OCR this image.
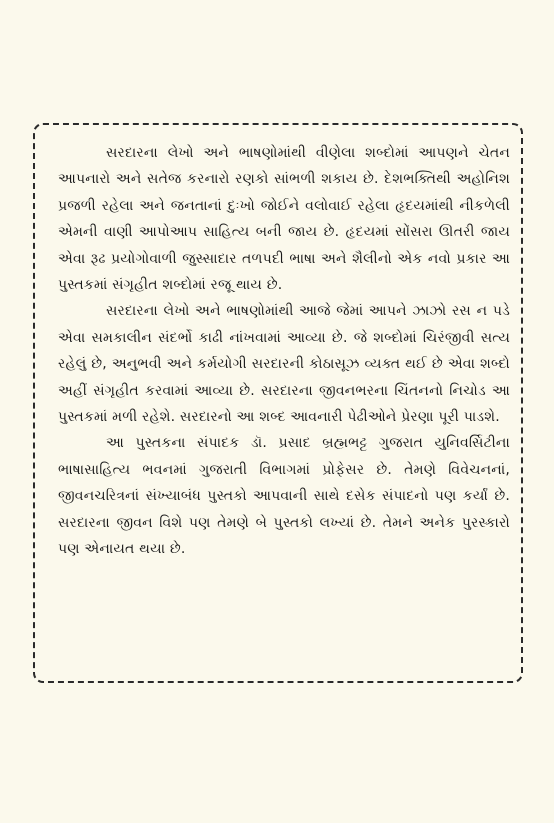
સરદારના લેખો અને ભાષણોમાંથી વીણેલા શબ્દોમાં આપણને ચેતન આપનારો અને સતેજ કરનારો રણકો સાંભળી શકાય છે. દેશભક્તિથી અહોનિશ પ્રજળી રહેલા અને જનતાનાં દુઃખો જોઈને વલોવાઈ રહેલા હૃદયમાંથી નીકળેલી એમની વાણી આપોઆપ સાહિત્ય બની જાય છે. હૃદયમાં સોંસરા ઊતરી જાય એવા રૂઢ પ્રયોગોવાળી જુસ્સાદાર તળપદી ભાષા અને શૈલીનો એક નવો પ્રકાર આ પુસ્તકમાં સંગૃહીત શબ્દોમાં રજૂ થાય છે.

સરદારના લેખો અને ભાષણોમાંથી આજે જેમાં આપને ઝાઝો રસ ન પડે એવા સમકાલીન સંદર્ભો કાઢી નાંખવામાં આવ્યા છે. જે શબ્દોમાં ચિરંજીવી સત્ય રહેલું છે, અનુભવી અને કર્મયોગી સરદારની કોઠાસૂઝ વ્યક્ત થઈ છે એવા શબ્દો અહીં સંગૃહીત કરવામાં આવ્યા છે. સરદારના જીવનભરના ચિંતનનો નિચોડ આ પુસ્તકમાં મળી રહેશે. સરદારનો આ શબ્દ આવનારી પેઢીઓને પ્રેરણા પૂરી પાડશે.

આ પુસ્તકના સંપાદક ડૉ. પ્રસાદ બ્રહ્મભટ્ટ ગુજરાત યુનિવર્સિટીના ભાષાસાહિત્ય ભવનમાં ગુજરાતી વિભાગમાં પ્રોફેસર છે. તેમણે વિવેચનનાં, જીવનચરિત્રનાં સંખ્યાબંધ પુસ્તકો આપવાની સાથે દસેક સંપાદનો પણ કર્યાં છે. સરદારના જીવન વિશે પણ તેમણે બે પુસ્તકો લખ્યાં છે. તેમને અનેક પુરસ્કારો પણ એનાયત થયા છે.
